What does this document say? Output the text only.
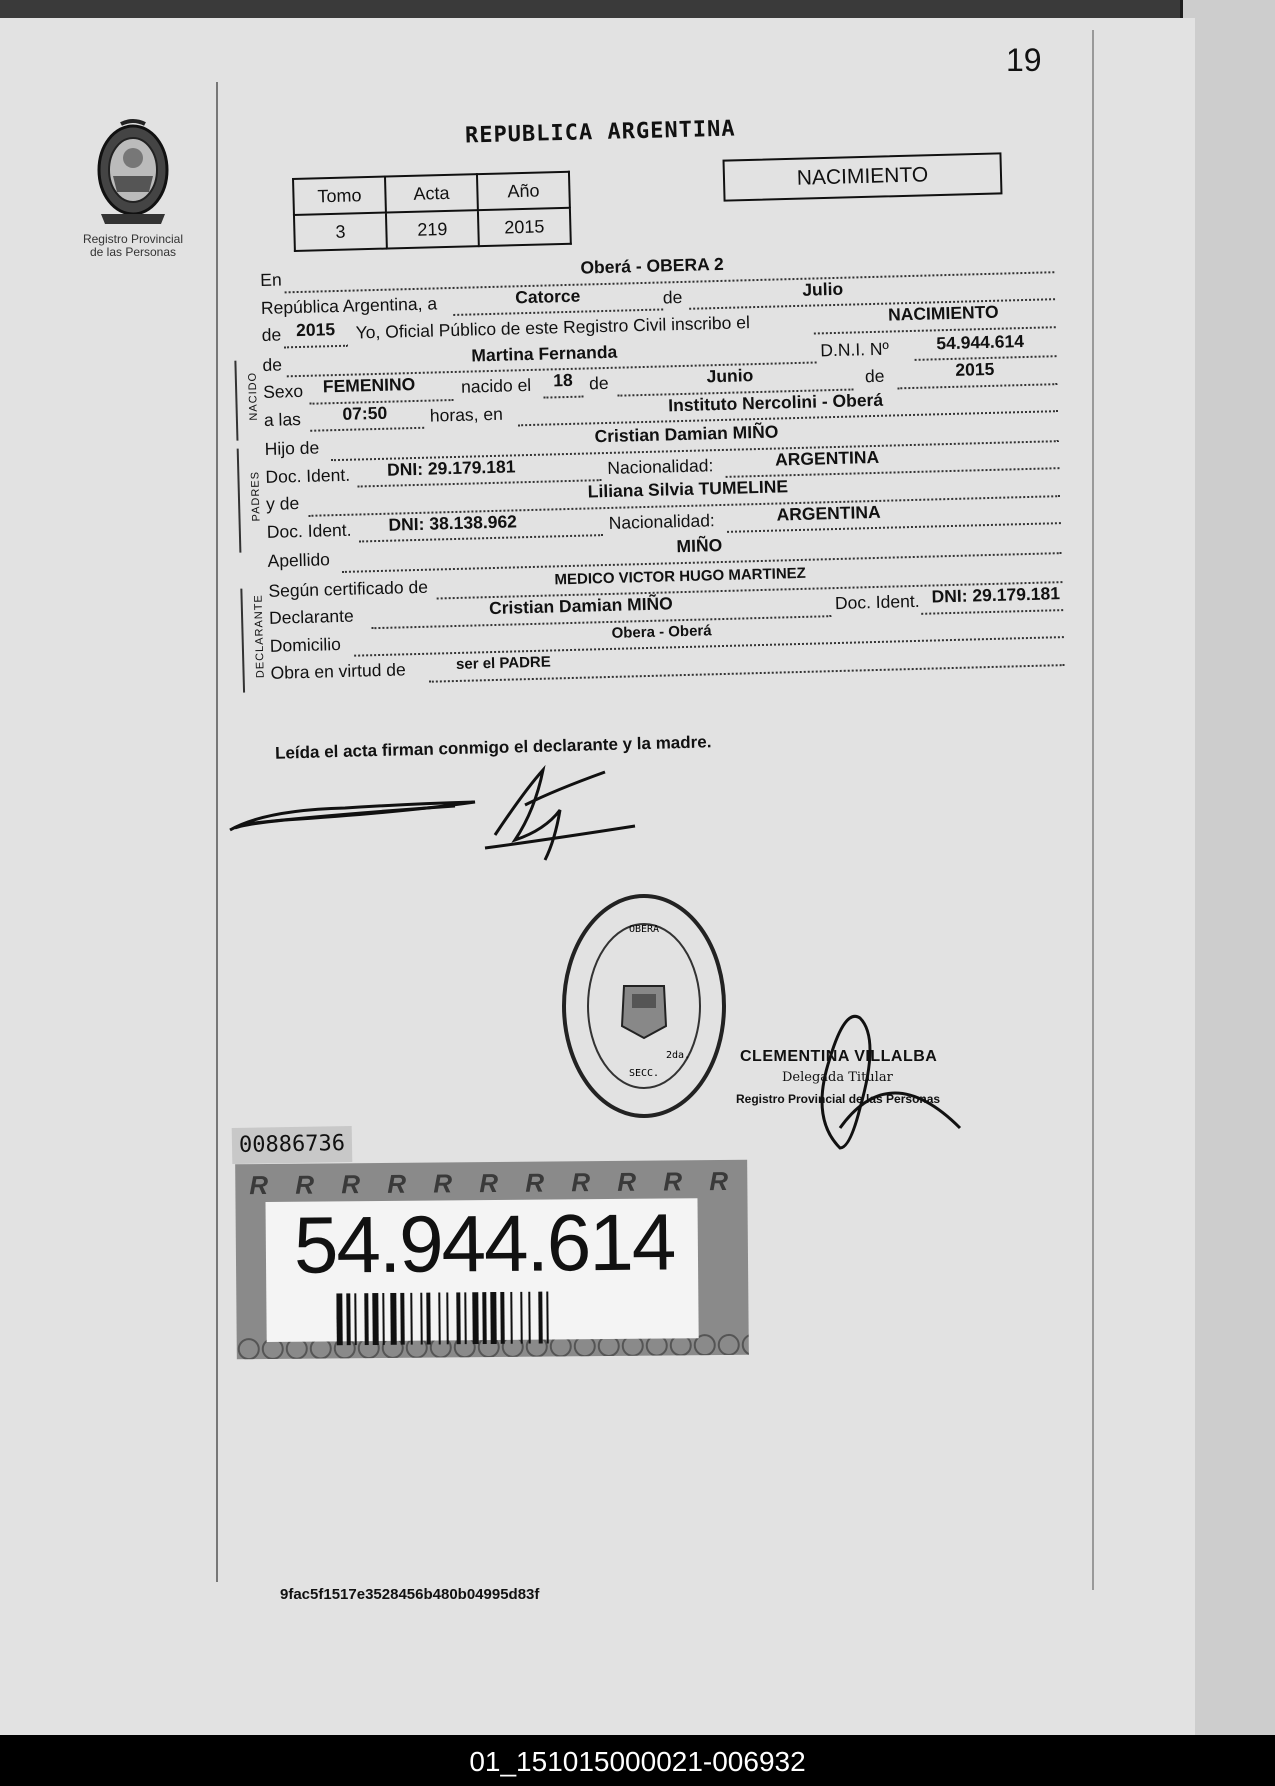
19
Registro Provincial
de las Personas
REPUBLICA ARGENTINA
NACIMIENTO
Tomo	Acta	Año
3	219	2015
En
Oberá - OBERA 2
República Argentina, a	Catorce	de	Julio
de 2015	Yo, Oficial Público de este Registro Civil inscribo el	NACIMIENTO
NACIDO
de	Martina Fernanda	D.N.I. Nº	54.944.614
Sexo	FEMENINO	nacido el	18 de	Junio	de	2015
a las	07:50	horas, en	Instituto Nercolini - Oberá
PADRES
Hijo de
Cristian Damian MIÑO
Doc. Ident.	DNI: 29.179.181	Nacionalidad:	ARGENTINA
y de
Liliana Silvia TUMELINE
Doc. Ident.	DNI: 38.138.962	Nacionalidad:	ARGENTINA
Apellido
MIÑO
DECLARANTE
Según certificado de
MEDICO VICTOR HUGO MARTINEZ
Declarante	Cristian Damian MIÑO	Doc. Ident. DNI: 29.179.181
Domicilio
Obera - Oberá
Obra en virtud de	ser el PADRE
Leída el acta firman conmigo el declarante y la madre.
OBERA
2da.
SECC.
CLEMENTINA VILLALBA
Delegada Titular
Registro Provincial de las Personas
00886736
R R R R R R R R R R R
54.944.614
9fac5f1517e3528456b480b04995d83f
01_151015000021-006932
